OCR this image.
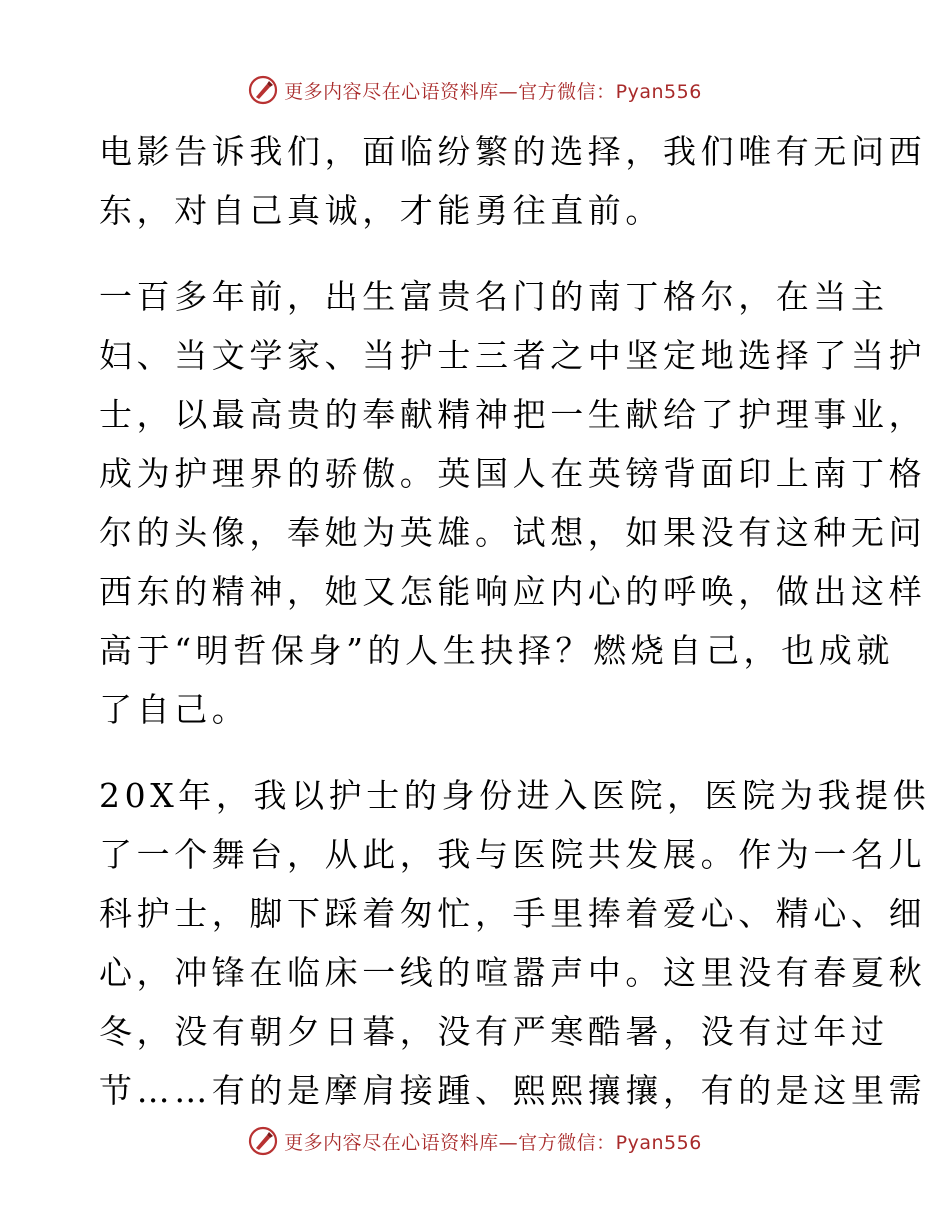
更多内容尽在心语资料库—官方微信：Pyan556
电影告诉我们，面临纷繁的选择，我们唯有无问西
东，对自己真诚，才能勇往直前。
一百多年前，出生富贵名门的南丁格尔，在当主
妇、当文学家、当护士三者之中坚定地选择了当护
士，以最高贵的奉献精神把一生献给了护理事业，
成为护理界的骄傲。英国人在英镑背面印上南丁格
尔的头像，奉她为英雄。试想，如果没有这种无问
西东的精神，她又怎能响应内心的呼唤，做出这样
高于“明哲保身”的人生抉择？燃烧自己，也成就
了自己。
20X年，我以护士的身份进入医院，医院为我提供
了一个舞台，从此，我与医院共发展。作为一名儿
科护士，脚下踩着匆忙，手里捧着爱心、精心、细
心，冲锋在临床一线的喧嚣声中。这里没有春夏秋
冬，没有朝夕日暮，没有严寒酷暑，没有过年过
节……有的是摩肩接踵、熙熙攘攘，有的是这里需
更多内容尽在心语资料库—官方微信：Pyan556
